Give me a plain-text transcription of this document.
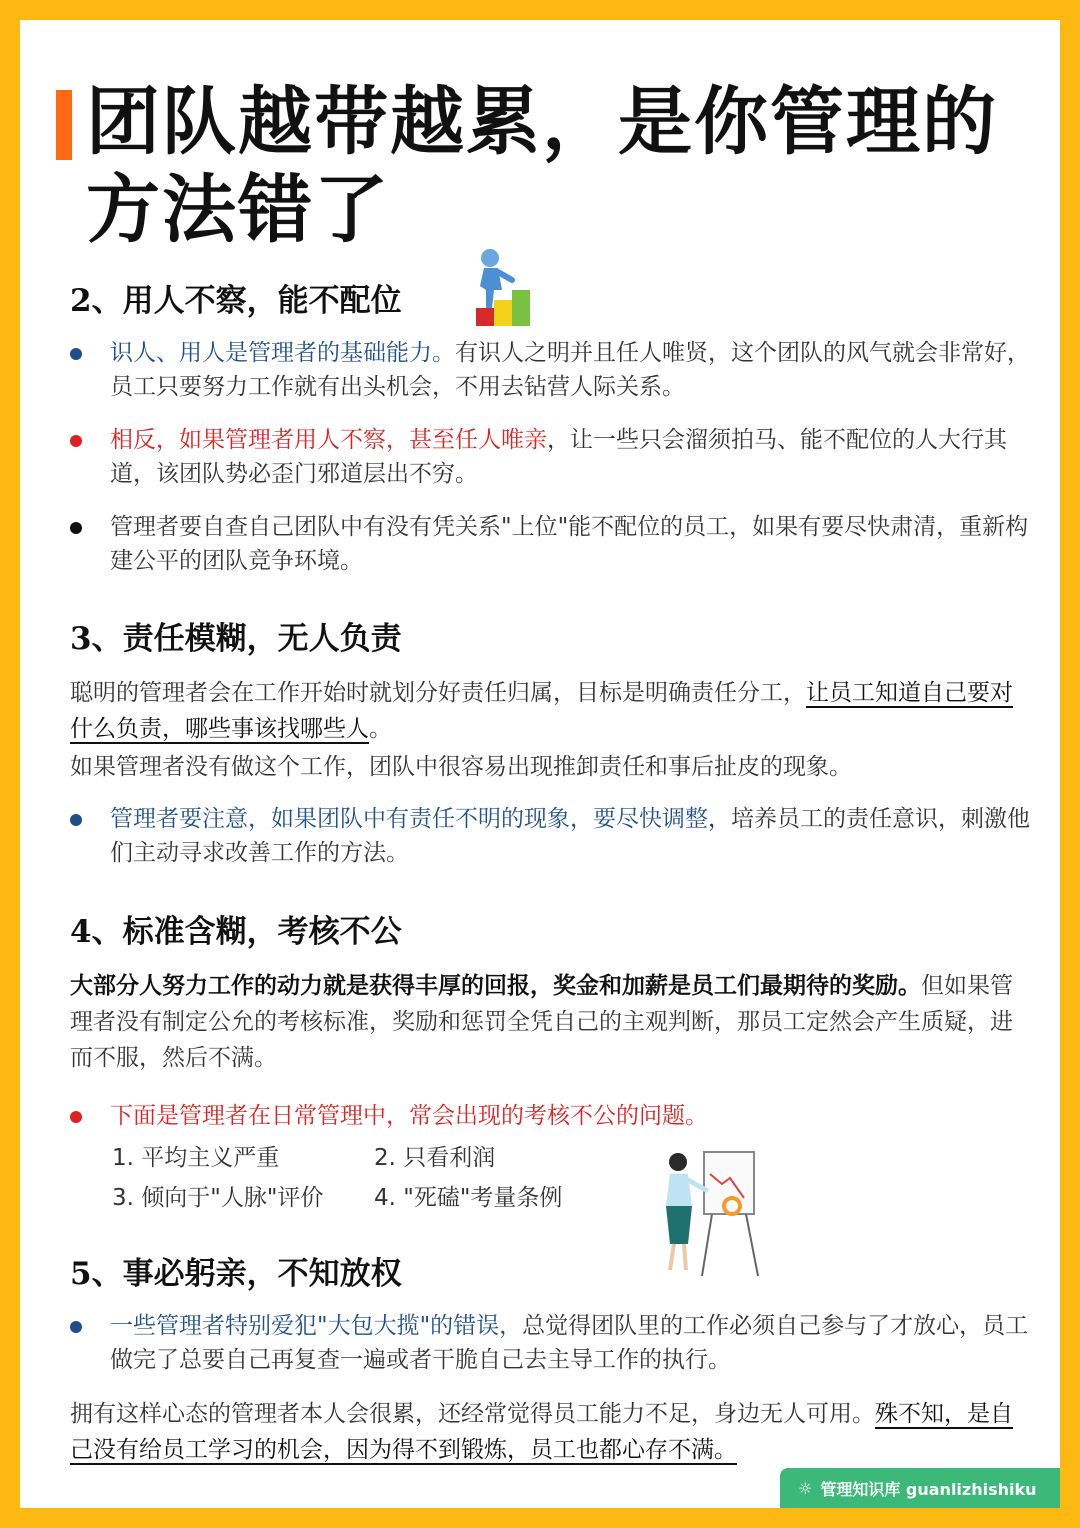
团队越带越累，是你管理的方法错了
2、用人不察，能不配位
识人、用人是管理者的基础能力。有识人之明并且任人唯贤，这个团队的风气就会非常好，员工只要努力工作就有出头机会，不用去钻营人际关系。
相反，如果管理者用人不察，甚至任人唯亲，让一些只会溜须拍马、能不配位的人大行其道，该团队势必歪门邪道层出不穷。
管理者要自查自己团队中有没有凭关系"上位"能不配位的员工，如果有要尽快肃清，重新构建公平的团队竞争环境。
3、责任模糊，无人负责
聪明的管理者会在工作开始时就划分好责任归属，目标是明确责任分工，让员工知道自己要对什么负责，哪些事该找哪些人。
如果管理者没有做这个工作，团队中很容易出现推卸责任和事后扯皮的现象。
管理者要注意，如果团队中有责任不明的现象，要尽快调整，培养员工的责任意识，刺激他们主动寻求改善工作的方法。
4、标准含糊，考核不公
大部分人努力工作的动力就是获得丰厚的回报，奖金和加薪是员工们最期待的奖励。但如果管理者没有制定公允的考核标准，奖励和惩罚全凭自己的主观判断，那员工定然会产生质疑，进而不服，然后不满。
下面是管理者在日常管理中，常会出现的考核不公的问题。
1. 平均主义严重	2. 只看利润
3. 倾向于"人脉"评价 4. "死磕"考量条例
5、事必躬亲，不知放权
一些管理者特别爱犯"大包大揽"的错误，总觉得团队里的工作必须自己参与了才放心，员工做完了总要自己再复查一遍或者干脆自己去主导工作的执行。
拥有这样心态的管理者本人会很累，还经常觉得员工能力不足，身边无人可用。殊不知，是自己没有给员工学习的机会，因为得不到锻炼，员工也都心存不满。
☼ 管理知识库 guanlizhishiku
